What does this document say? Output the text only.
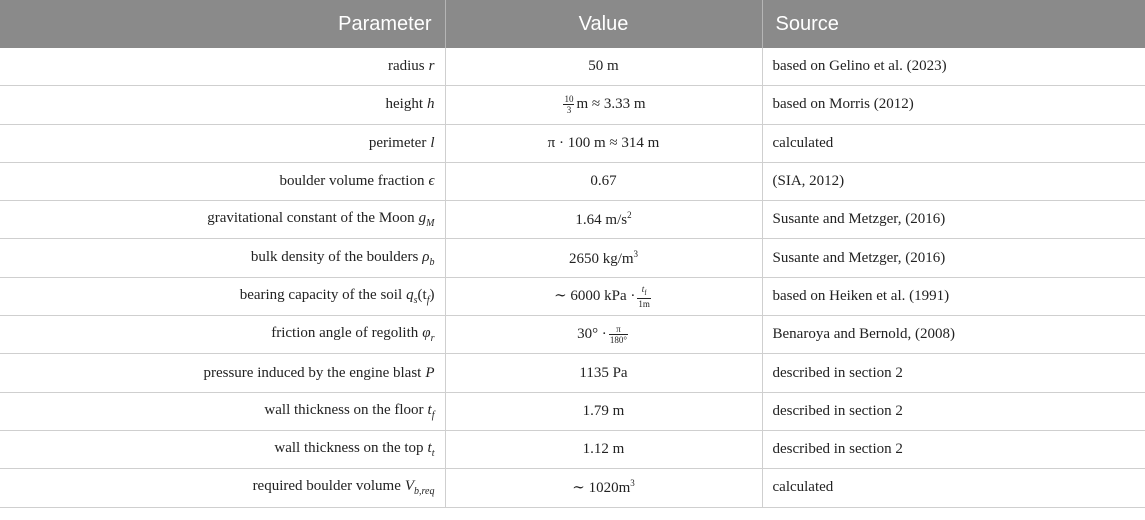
Parameter	Value	Source
radius r	50 m	based on Gelino et al. (2023)
height h	$\frac{10}{3}$ m ≈ 3.33 m	based on Morris (2012)
perimeter l	π · 100 m ≈ 314 m	calculated
boulder volume fraction ϵ	0.67	(SIA, 2012)
gravitational constant of the Moon $g_M$	1.64 $m/s^2$	Susante and Metzger, (2016)
bulk density of the boulders $\rho_b$	2650 $kg/m^3$	Susante and Metzger, (2016)
bearing capacity of the soil $q_s(t_f)$	∼ 6000 kPa · $\frac{t_f}{1m}$	based on Heiken et al. (1991)
friction angle of regolith $\varphi_r$	$30^\circ \cdot \frac{\pi}{180^\circ}$	Benaroya and Bernold, (2008)
pressure induced by the engine blast P	1135 Pa	described in section 2
wall thickness on the floor $t_f$	1.79 m	described in section 2
wall thickness on the top $t_t$	1.12 m	described in section 2
required boulder volume $V_{b,req}$	∼ $1020m^3$	calculated
